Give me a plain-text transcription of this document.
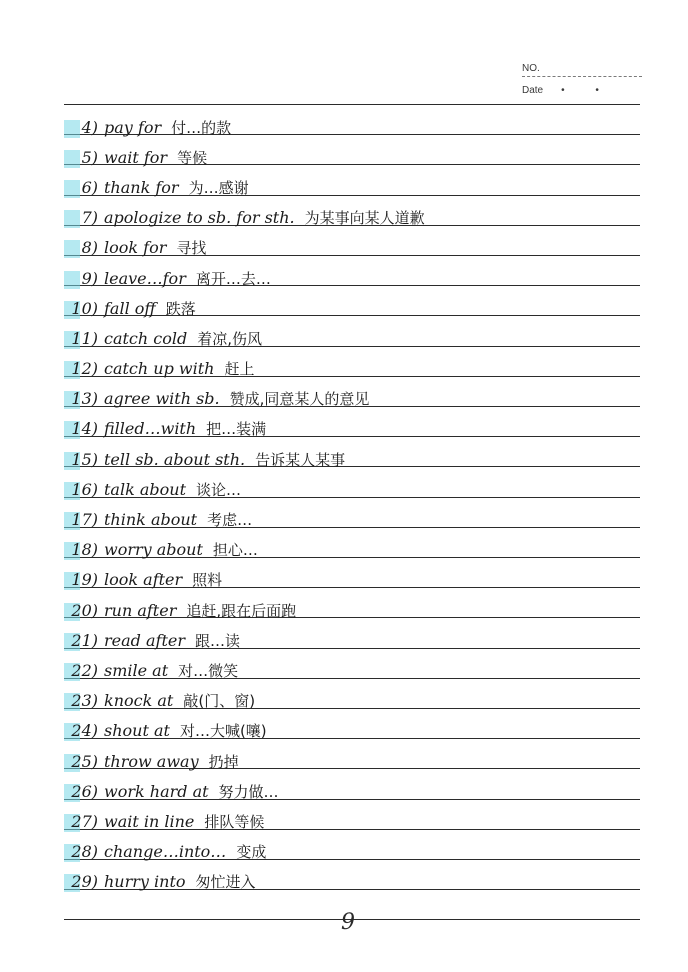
NO.
Date • •
4) pay for 付…的款
5) wait for 等候
6) thank for 为…感谢
7) apologize to sb. for sth. 为某事向某人道歉
8) look for 寻找
9) leave…for 离开…去…
10) fall off 跌落
11) catch cold 着凉,伤风
12) catch up with 赶上
13) agree with sb. 赞成,同意某人的意见
14) filled…with 把…装满
15) tell sb. about sth. 告诉某人某事
16) talk about 谈论…
17) think about 考虑…
18) worry about 担心…
19) look after 照料
20) run after 追赶,跟在后面跑
21) read after 跟…读
22) smile at 对…微笑
23) knock at 敲(门、窗)
24) shout at 对…大喊(嚷)
25) throw away 扔掉
26) work hard at 努力做…
27) wait in line 排队等候
28) change…into… 变成
29) hurry into 匆忙进入
9
